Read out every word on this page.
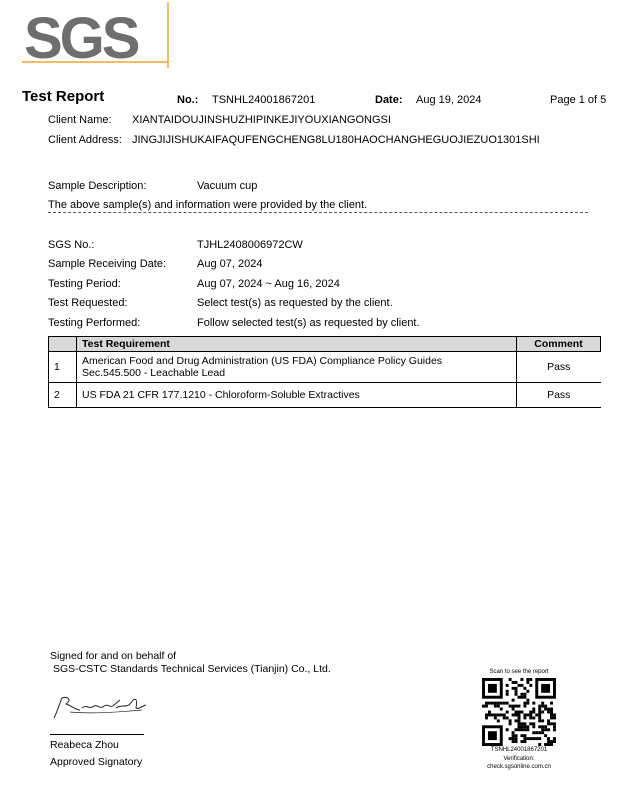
SGS
Test Report	No.: TSNHL24001867201	Date: Aug 19, 2024	Page 1 of 5
Client Name: XIANTAIDOUJINSHUZHIPINKEJIYOUXIANGONGSI
Client Address: JINGJIJISHUKAIFAQUFENGCHENG8LU180HAOCHANGHEGUOJIEZUO1301SHI
Sample Description:	Vacuum cup
The above sample(s) and information were provided by the client.
SGS No.:	TJHL2408006972CW
Sample Receiving Date:	Aug 07, 2024
Testing Period:	Aug 07, 2024 ~ Aug 16, 2024
Test Requested:	Select test(s) as requested by the client.
Testing Performed:	Follow selected test(s) as requested by client.
	Test Requirement	Comment
1	American Food and Drug Administration (US FDA) Compliance Policy Guides
Sec.545.500 - Leachable Lead	Pass
2	US FDA 21 CFR 177.1210 - Chloroform-Soluble Extractives	Pass
Signed for and on behalf of
SGS-CSTC Standards Technical Services (Tianjin) Co., Ltd.
Reabeca Zhou
Approved Signatory
Scan to see the report
TSNHL24001867201
Verification:
check.sgsonline.com.cn
